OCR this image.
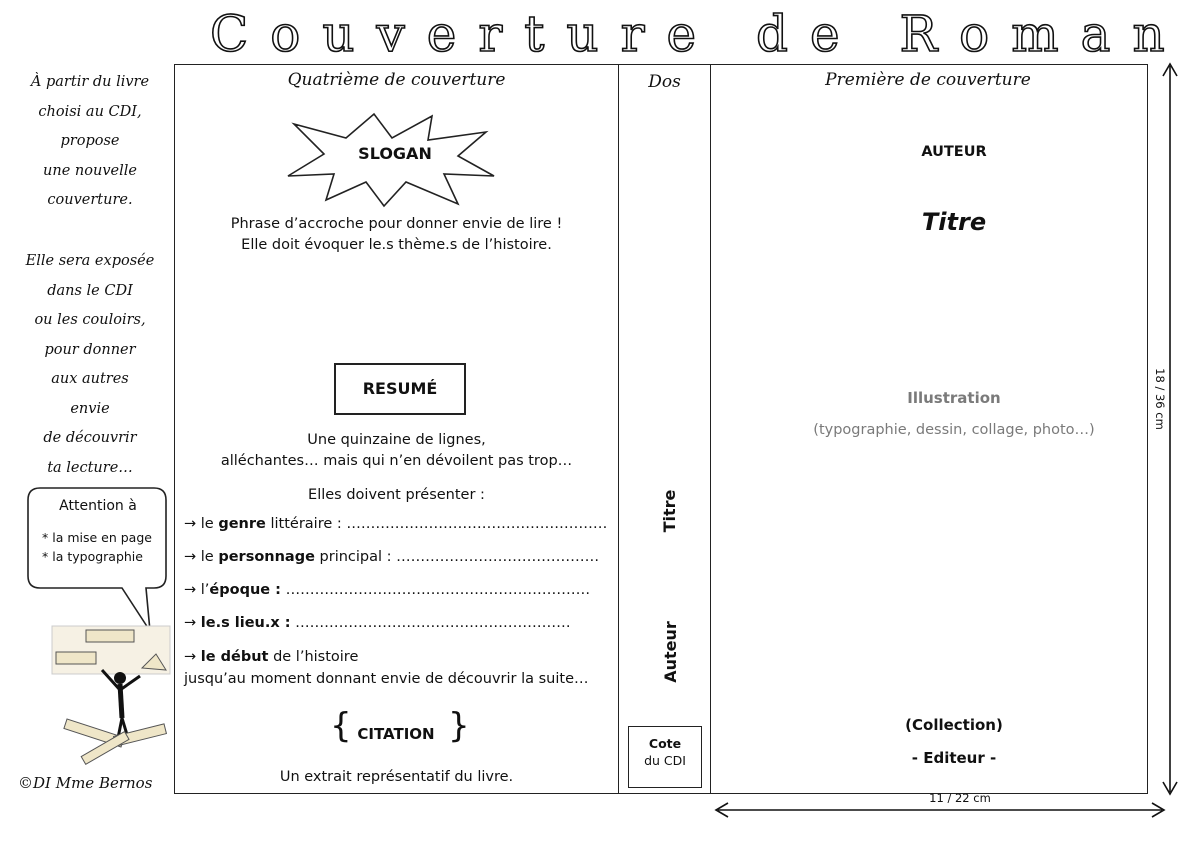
Couverture de Roman
À partir du livre
choisi au CDI,
propose
une nouvelle
couverture.
Elle sera exposée
dans le CDI
ou les couloirs,
pour donner
aux autres
envie
de découvrir
ta lecture…
Attention à
* la mise en page
* la typographie
©DI Mme Bernos
Quatrième de couverture
SLOGAN
Phrase d’accroche pour donner envie de lire !
Elle doit évoquer le.s thème.s de l’histoire.
RESUMÉ
Une quinzaine de lignes,
alléchantes… mais qui n’en dévoilent pas trop…
Elles doivent présenter :
→ le genre littéraire : ………………………………………………
→ le personnage principal : ……………………………………
→ l’époque : ………………………………………………………
→ le.s lieu.x : …………………………………………………
→ le début de l’histoire
jusqu’au moment donnant envie de découvrir la suite…
{	}
CITATION
Un extrait représentatif du livre.
Dos
Titre
Auteur
Cote
du CDI
Première de couverture
AUTEUR
Titre
Illustration
(typographie, dessin, collage, photo…)
(Collection)
- Editeur -
18 / 36 cm
11 / 22 cm
